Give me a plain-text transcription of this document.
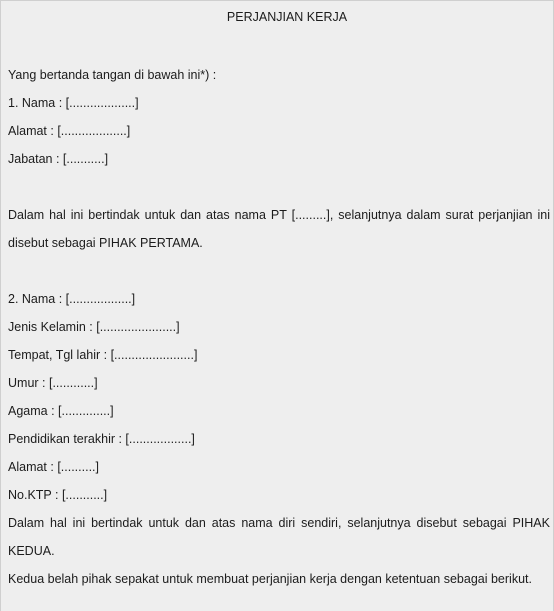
PERJANJIAN KERJA
Yang bertanda tangan di bawah ini*) :
1. Nama : [...................]
Alamat : [...................]
Jabatan : [...........]
Dalam hal ini bertindak untuk dan atas nama PT [.........], selanjutnya dalam surat perjanjian ini disebut sebagai PIHAK PERTAMA.
2. Nama : [..................]
Jenis Kelamin : [......................]
Tempat, Tgl lahir : [.......................]
Umur : [............]
Agama : [..............]
Pendidikan terakhir : [..................]
Alamat : [..........]
No.KTP : [...........]
Dalam hal ini bertindak untuk dan atas nama diri sendiri, selanjutnya disebut sebagai PIHAK KEDUA.
Kedua belah pihak sepakat untuk membuat perjanjian kerja dengan ketentuan sebagai berikut.
